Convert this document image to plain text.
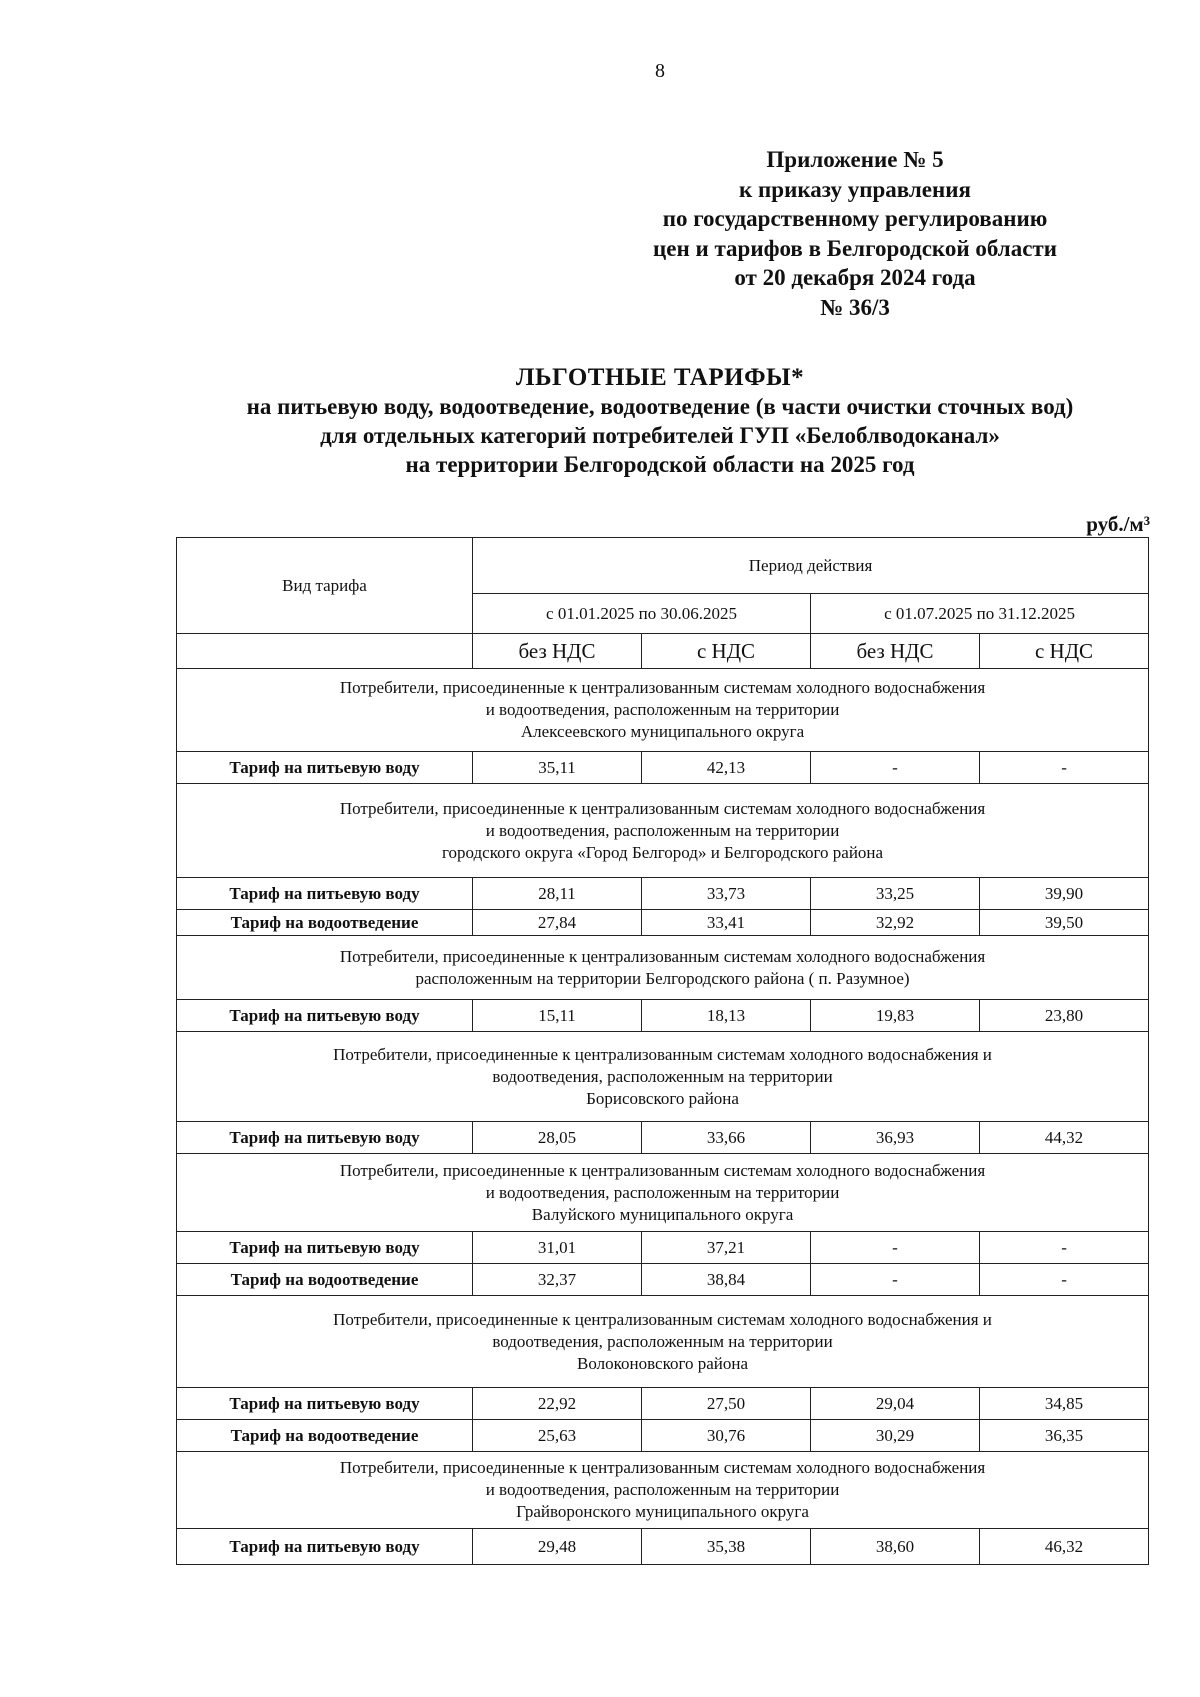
8
Приложение № 5
к приказу управления
по государственному регулированию
цен и тарифов в Белгородской области
от 20 декабря 2024 года
№ 36/3
ЛЬГОТНЫЕ ТАРИФЫ*
на питьевую воду, водоотведение, водоотведение (в части очистки сточных вод)
для отдельных категорий потребителей ГУП «Белоблводоканал»
на территории Белгородской области на 2025 год
руб./м³
Вид тарифа	Период действия			
	с 01.01.2025 по 30.06.2025		с 01.07.2025 по 31.12.2025	
	без НДС	с НДС	без НДС	с НДС

Потребители, присоединенные к централизованным системам холодного водоснабжения
и водоотведения, расположенным на территории
Алексеевского муниципального округа				

Тариф на питьевую воду	35,11	42,13	-	-

Потребители, присоединенные к централизованным системам холодного водоснабжения
и водоотведения, расположенным на территории
городского округа «Город Белгород» и Белгородского района				

Тариф на питьевую воду	28,11	33,73	33,25	39,90
Тариф на водоотведение	27,84	33,41	32,92	39,50

Потребители, присоединенные к централизованным системам холодного водоснабжения
расположенным на территории Белгородского района ( п. Разумное)				

Тариф на питьевую воду	15,11	18,13	19,83	23,80

Потребители, присоединенные к централизованным системам холодного водоснабжения и
водоотведения, расположенным на территории
Борисовского района				

Тариф на питьевую воду	28,05	33,66	36,93	44,32

Потребители, присоединенные к централизованным системам холодного водоснабжения
и водоотведения, расположенным на территории
Валуйского муниципального округа				

Тариф на питьевую воду	31,01	37,21	-	-
Тариф на водоотведение	32,37	38,84	-	-

Потребители, присоединенные к централизованным системам холодного водоснабжения и
водоотведения, расположенным на территории
Волоконовского района				

Тариф на питьевую воду	22,92	27,50	29,04	34,85
Тариф на водоотведение	25,63	30,76	30,29	36,35

Потребители, присоединенные к централизованным системам холодного водоснабжения
и водоотведения, расположенным на территории
Грайворонского муниципального округа				

Тариф на питьевую воду	29,48	35,38	38,60	46,32
